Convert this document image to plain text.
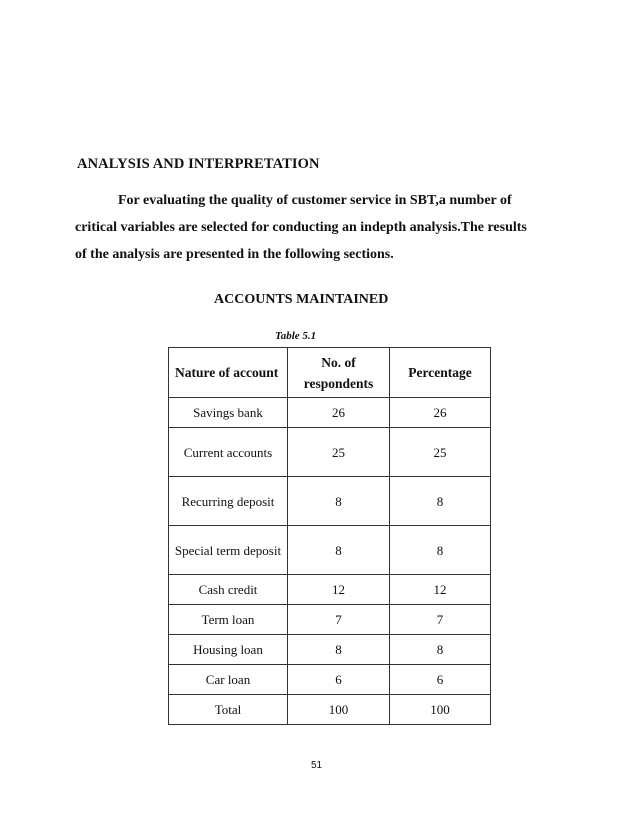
ANALYSIS AND INTERPRETATION
For evaluating the quality of customer service in SBT,a number of
critical variables are selected for conducting an indepth analysis.The results
of the analysis are presented in the following sections.
ACCOUNTS MAINTAINED
Table 5.1
Nature of account	No. of respondents	Percentage
Savings bank	26	26
Current accounts	25	25
Recurring deposit	8	8
Special term deposit	8	8
Cash credit	12	12
Term loan	7	7
Housing loan	8	8
Car loan	6	6
Total	100	100
51
